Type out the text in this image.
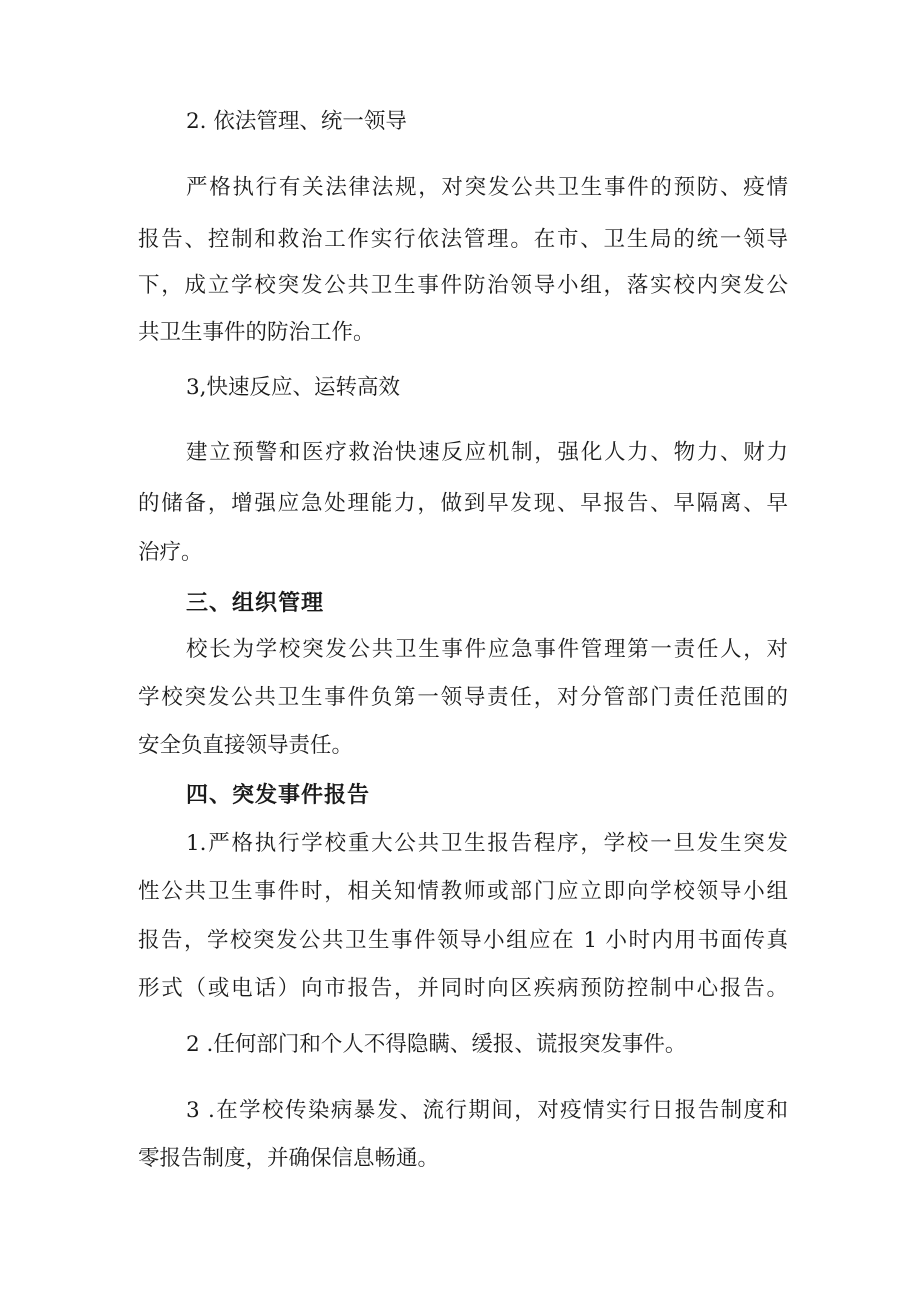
2. 依法管理、统一领导

严格执行有关法律法规，对突发公共卫生事件的预防、疫情

报告、控制和救治工作实行依法管理。在市、卫生局的统一领导

下，成立学校突发公共卫生事件防治领导小组，落实校内突发公

共卫生事件的防治工作。

3,快速反应、运转高效

建立预警和医疗救治快速反应机制，强化人力、物力、财力

的储备，增强应急处理能力，做到早发现、早报告、早隔离、早

治疗。

三、组织管理

校长为学校突发公共卫生事件应急事件管理第一责任人，对

学校突发公共卫生事件负第一领导责任，对分管部门责任范围的

安全负直接领导责任。

四、突发事件报告

1.严格执行学校重大公共卫生报告程序，学校一旦发生突发

性公共卫生事件时，相关知情教师或部门应立即向学校领导小组

报告，学校突发公共卫生事件领导小组应在 1 小时内用书面传真

形式（或电话）向市报告，并同时向区疾病预防控制中心报告。

2 .任何部门和个人不得隐瞒、缓报、谎报突发事件。

3 .在学校传染病暴发、流行期间，对疫情实行日报告制度和

零报告制度，并确保信息畅通。
